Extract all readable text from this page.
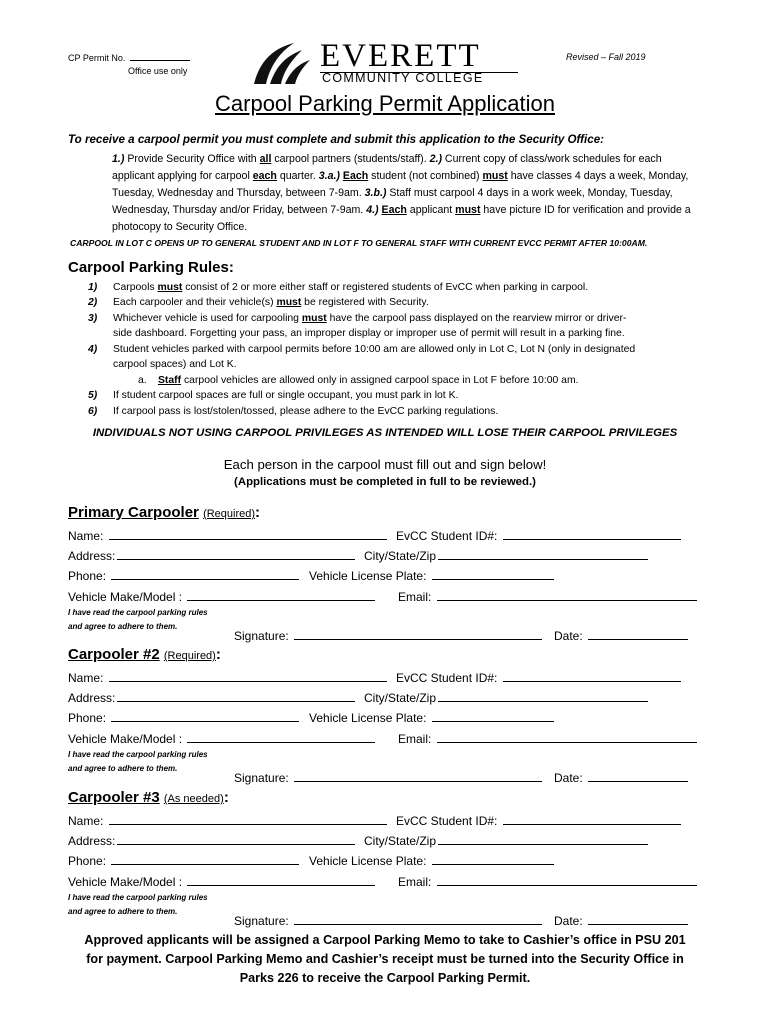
CP Permit No.
Office use only
Revised – Fall 2019
EVERETT
COMMUNITY COLLEGE
Carpool Parking Permit Application
To receive a carpool permit you must complete and submit this application to the Security Office:
1.) Provide Security Office with all carpool partners (students/staff). 2.) Current copy of class/work schedules for each applicant applying for carpool each quarter. 3.a.) Each student (not combined) must have classes 4 days a week, Monday, Tuesday, Wednesday and Thursday, between 7-9am. 3.b.) Staff must carpool 4 days in a work week, Monday, Tuesday, Wednesday, Thursday and/or Friday, between 7-9am. 4.) Each applicant must have picture ID for verification and provide a photocopy to Security Office.
CARPOOL IN LOT C OPENS UP TO GENERAL STUDENT AND IN LOT F TO GENERAL STAFF WITH CURRENT EVCC PERMIT AFTER 10:00AM.
Carpool Parking Rules:
1) Carpools must consist of 2 or more either staff or registered students of EvCC when parking in carpool.
2) Each carpooler and their vehicle(s) must be registered with Security.
3) Whichever vehicle is used for carpooling must have the carpool pass displayed on the rearview mirror or driver-
side dashboard. Forgetting your pass, an improper display or improper use of permit will result in a parking fine.
4) Student vehicles parked with carpool permits before 10:00 am are allowed only in Lot C, Lot N (only in designated
carpool spaces) and Lot K.
a. Staff carpool vehicles are allowed only in assigned carpool space in Lot F before 10:00 am.
5) If student carpool spaces are full or single occupant, you must park in lot K.
6) If carpool pass is lost/stolen/tossed, please adhere to the EvCC parking regulations.
INDIVIDUALS NOT USING CARPOOL PRIVILEGES AS INTENDED WILL LOSE THEIR CARPOOL PRIVILEGES
Each person in the carpool must fill out and sign below!
(Applications must be completed in full to be reviewed.)
Primary Carpooler (Required):
Name:	EvCC Student ID#:
Address:	City/State/Zip
Phone:	Vehicle License Plate:
Vehicle Make/Model :	Email:
I have read the carpool parking rules
and agree to adhere to them.
Signature:	Date:
Carpooler #2 (Required):
Name:	EvCC Student ID#:
Address:	City/State/Zip
Phone:	Vehicle License Plate:
Vehicle Make/Model :	Email:
I have read the carpool parking rules
and agree to adhere to them.
Signature:	Date:
Carpooler #3 (As needed):
Name:	EvCC Student ID#:
Address:	City/State/Zip
Phone:	Vehicle License Plate:
Vehicle Make/Model :	Email:
I have read the carpool parking rules
and agree to adhere to them.
Signature:	Date:
Approved applicants will be assigned a Carpool Parking Memo to take to Cashier’s office in PSU 201
for payment. Carpool Parking Memo and Cashier’s receipt must be turned into the Security Office in
Parks 226 to receive the Carpool Parking Permit.
